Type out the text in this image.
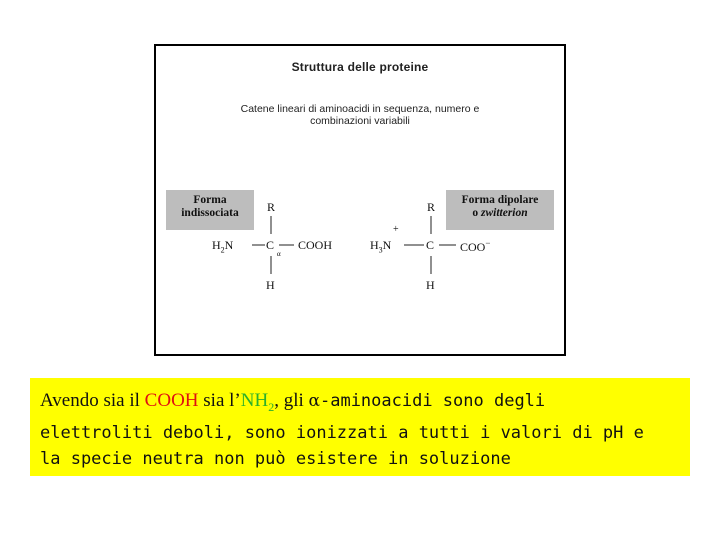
Struttura delle proteine
Catene lineari di aminoacidi in sequenza, numero e
combinazioni variabili
Forma
indissociata
Forma dipolare
o zwitterion
R
$H_2N$	C
α
COOH
H
R
+
$H_3N$	C COO−
H
Avendo sia il COOH sia $l’NH_2$, gli α-aminoacidi sono degli
elettroliti deboli, sono ionizzati a tutti i valori di pH e
la specie neutra non può esistere in soluzione
